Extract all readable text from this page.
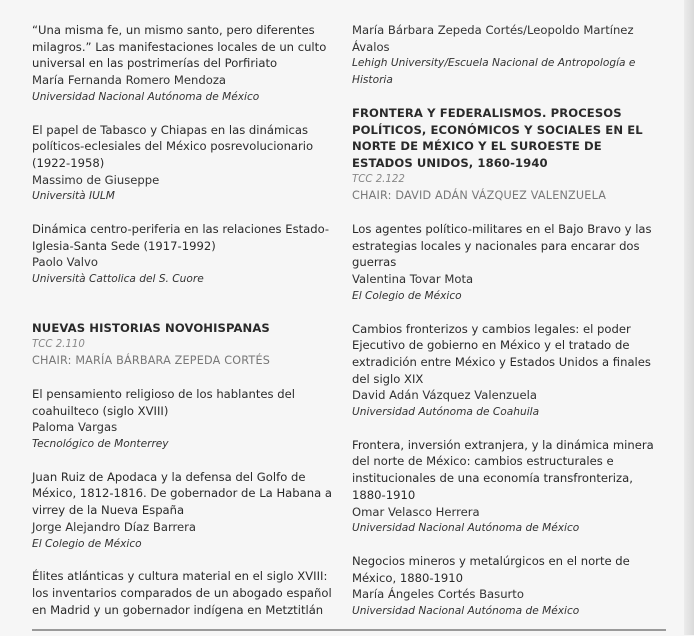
“Una misma fe, un mismo santo, pero diferentes milagros.” Las manifestaciones locales de un culto universal en las postrimerías del Porfiriato
María Fernanda Romero Mendoza
Universidad Nacional Autónoma de México
El papel de Tabasco y Chiapas en las dinámicas políticos-eclesiales del México posrevolucionario (1922-1958)
Massimo de Giuseppe
Università IULM
Dinámica centro-periferia en las relaciones Estado-Iglesia-Santa Sede (1917-1992)
Paolo Valvo
Università Cattolica del S. Cuore
NUEVAS HISTORIAS NOVOHISPANAS
TCC 2.110
CHAIR: MARÍA BÁRBARA ZEPEDA CORTÉS
El pensamiento religioso de los hablantes del coahuilteco (siglo XVIII)
Paloma Vargas
Tecnológico de Monterrey
Juan Ruiz de Apodaca y la defensa del Golfo de México, 1812-1816. De gobernador de La Habana a virrey de la Nueva España
Jorge Alejandro Díaz Barrera
El Colegio de México
Élites atlánticas y cultura material en el siglo XVIII: los inventarios comparados de un abogado español en Madrid y un gobernador indígena en Metztitlán
María Bárbara Zepeda Cortés/Leopoldo Martínez Ávalos
Lehigh University/Escuela Nacional de Antropología e Historia
FRONTERA Y FEDERALISMOS. PROCESOS POLÍTICOS, ECONÓMICOS Y SOCIALES EN EL NORTE DE MÉXICO Y EL SUROESTE DE ESTADOS UNIDOS, 1860-1940
TCC 2.122
CHAIR: DAVID ADÁN VÁZQUEZ VALENZUELA
Los agentes político-militares en el Bajo Bravo y las estrategias locales y nacionales para encarar dos guerras
Valentina Tovar Mota
El Colegio de México
Cambios fronterizos y cambios legales: el poder Ejecutivo de gobierno en México y el tratado de extradición entre México y Estados Unidos a finales del siglo XIX
David Adán Vázquez Valenzuela
Universidad Autónoma de Coahuila
Frontera, inversión extranjera, y la dinámica minera del norte de México: cambios estructurales e institucionales de una economía transfronteriza, 1880-1910
Omar Velasco Herrera
Universidad Nacional Autónoma de México
Negocios mineros y metalúrgicos en el norte de México, 1880-1910
María Ángeles Cortés Basurto
Universidad Nacional Autónoma de México
